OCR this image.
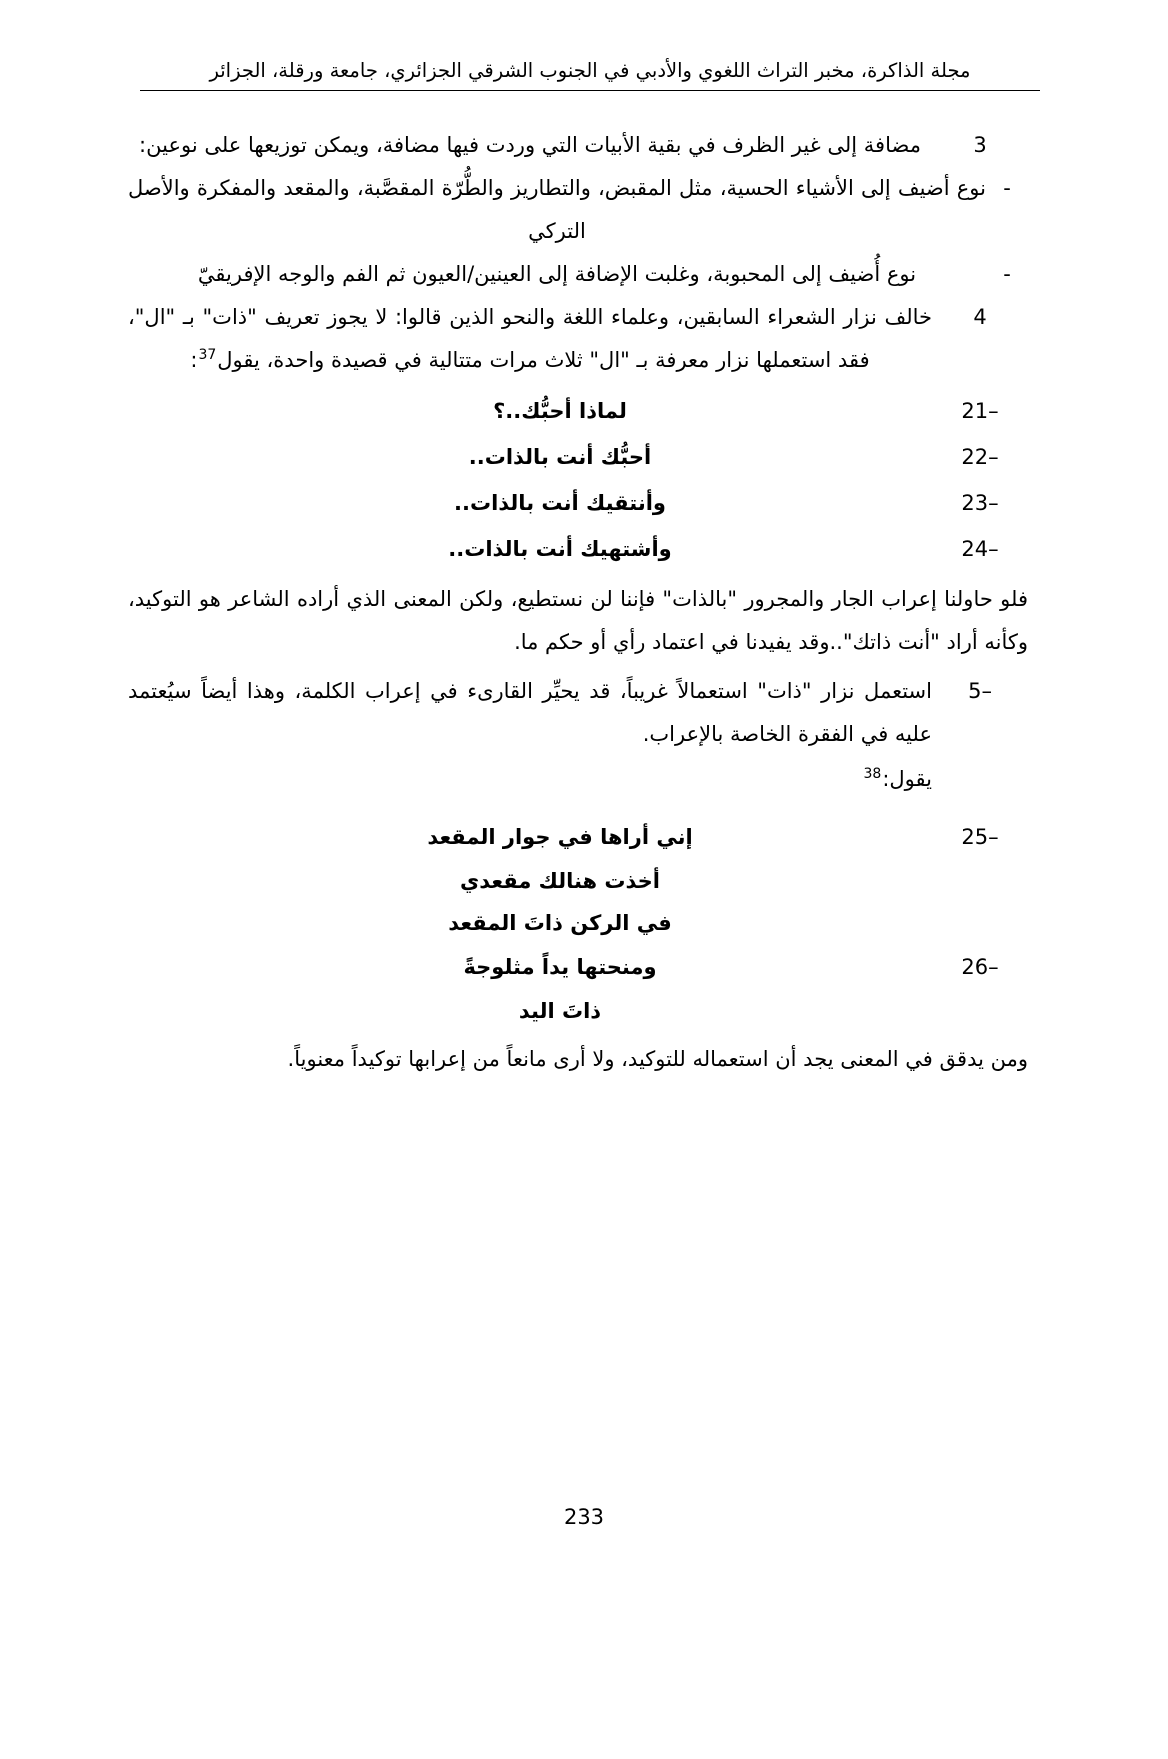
مجلة الذاكرة، مخبر التراث اللغوي والأدبي في الجنوب الشرقي الجزائري، جامعة ورقلة، الجزائر
3
مضافة إلى غير الظرف في بقية الأبيات التي وردت فيها مضافة، ويمكن توزيعها على نوعين:
-
نوع أضيف إلى الأشياء الحسية، مثل المقبض، والتطاريز والطُّرّة المقصَّبة، والمقعد والمفكرة والأصل التركي
-
نوع أُضيف إلى المحبوبة، وغلبت الإضافة إلى العينين/العيون ثم الفم والوجه الإفريقيّ
4
خالف نزار الشعراء السابقين، وعلماء اللغة والنحو الذين قالوا: لا يجوز تعريف "ذات" بـ "ال"، فقد استعملها نزار معرفة بـ "ال" ثلاث مرات متتالية في قصيدة واحدة، يقول$^{37}$:
21–
لماذا أحبُّك..؟
22–
أحبُّك أنت بالذات..
23–
وأنتقيك أنت بالذات..
24–
وأشتهيك أنت بالذات..

فلو حاولنا إعراب الجار والمجرور "بالذات" فإننا لن نستطيع، ولكن المعنى الذي أراده الشاعر هو التوكيد، وكأنه أراد "أنت ذاتك"..وقد يفيدنا في اعتماد رأي أو حكم ما.

5–
استعمل نزار "ذات" استعمالاً غريباً، قد يحيِّر القارىء في إعراب الكلمة، وهذا أيضاً سيُعتمد عليه في الفقرة الخاصة بالإعراب.
يقول:$^{38}$
25–
إني أراها في جوار المقعد
أخذت هنالك مقعدي
في الركن ذاتَ المقعد
26–
ومنحتها يداً مثلوجةً
ذاتَ اليد

ومن يدقق في المعنى يجد أن استعماله للتوكيد، ولا أرى مانعاً من إعرابها توكيداً معنوياً.

233
